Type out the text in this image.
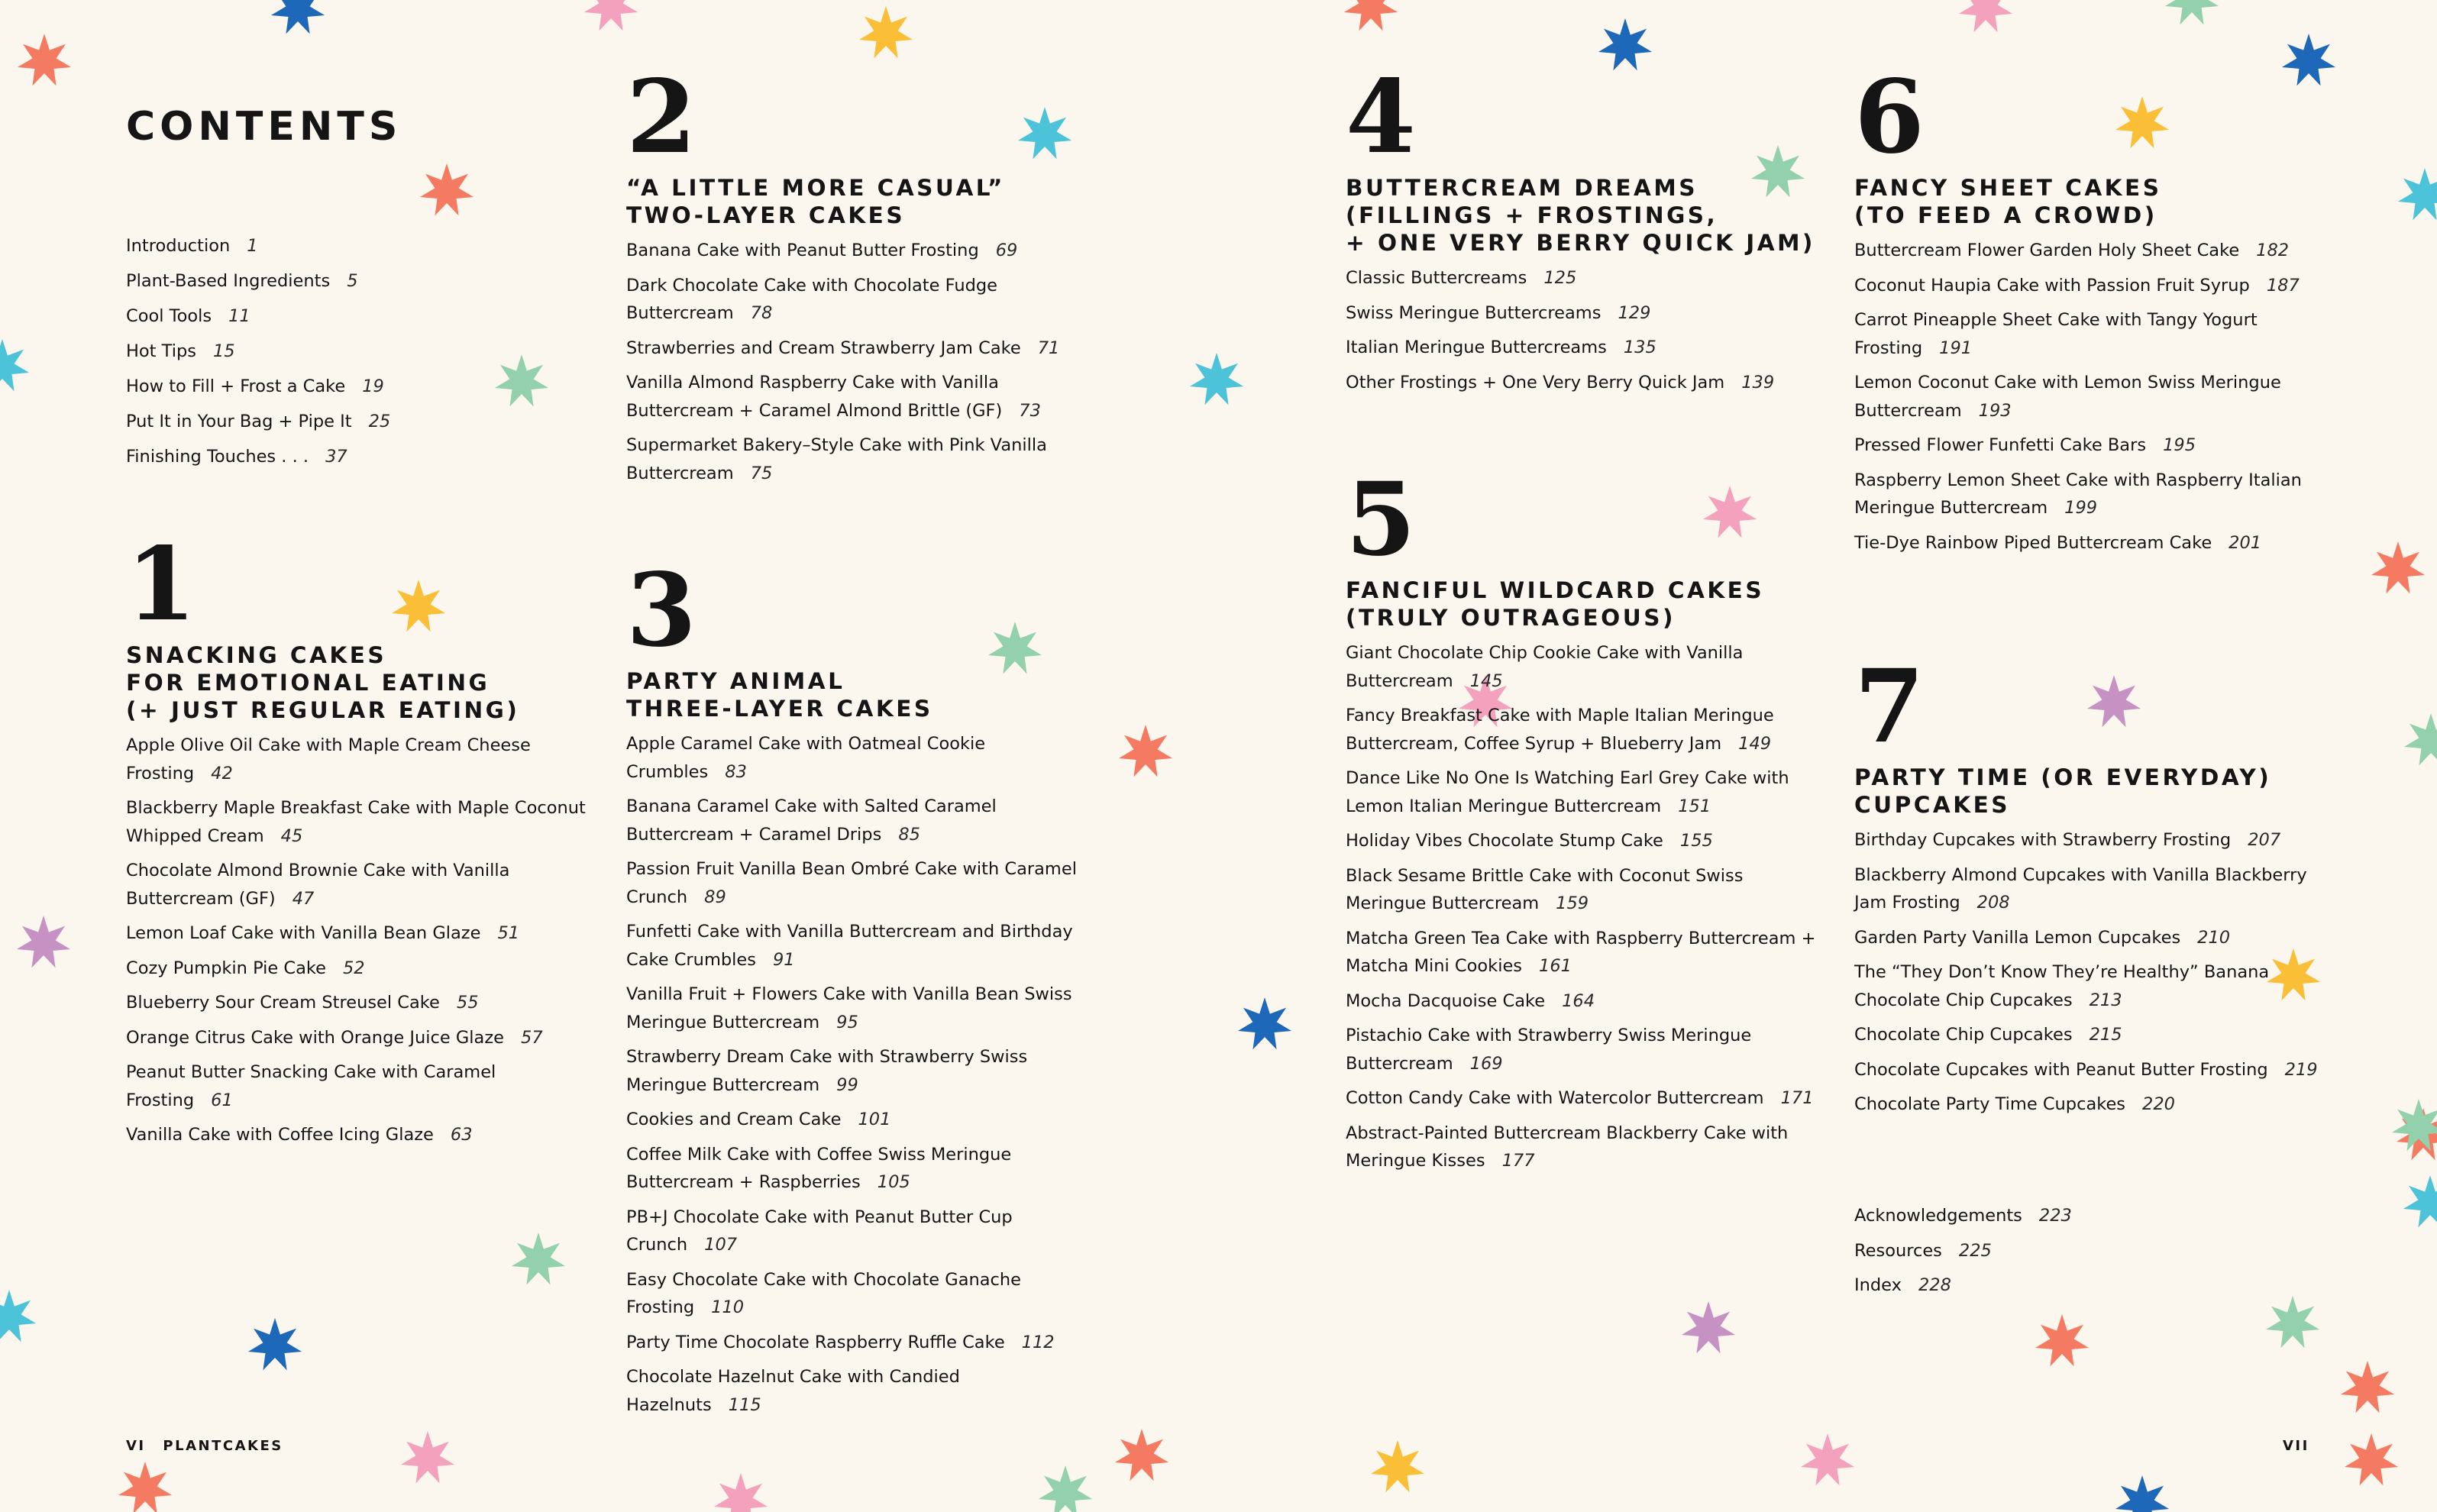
CONTENTS
Introduction 1
Plant-Based Ingredients 5
Cool Tools 11
Hot Tips 15
How to Fill + Frost a Cake 19
Put It in Your Bag + Pipe It 25
Finishing Touches . . . 37
1
SNACKING CAKES
FOR EMOTIONAL EATING
(+ JUST REGULAR EATING)
Apple Olive Oil Cake with Maple Cream Cheese Frosting 42
Blackberry Maple Breakfast Cake with Maple Coconut Whipped Cream 45
Chocolate Almond Brownie Cake with Vanilla Buttercream (GF) 47
Lemon Loaf Cake with Vanilla Bean Glaze 51
Cozy Pumpkin Pie Cake 52
Blueberry Sour Cream Streusel Cake 55
Orange Citrus Cake with Orange Juice Glaze 57
Peanut Butter Snacking Cake with Caramel Frosting 61
Vanilla Cake with Coffee Icing Glaze 63
2
“A LITTLE MORE CASUAL”
TWO-LAYER CAKES
Banana Cake with Peanut Butter Frosting 69
Dark Chocolate Cake with Chocolate Fudge Buttercream 78
Strawberries and Cream Strawberry Jam Cake 71
Vanilla Almond Raspberry Cake with Vanilla Buttercream + Caramel Almond Brittle (GF) 73
Supermarket Bakery–Style Cake with Pink Vanilla Buttercream 75
3
PARTY ANIMAL
THREE-LAYER CAKES
Apple Caramel Cake with Oatmeal Cookie Crumbles 83
Banana Caramel Cake with Salted Caramel Buttercream + Caramel Drips 85
Passion Fruit Vanilla Bean Ombré Cake with Caramel Crunch 89
Funfetti Cake with Vanilla Buttercream and Birthday Cake Crumbles 91
Vanilla Fruit + Flowers Cake with Vanilla Bean Swiss Meringue Buttercream 95
Strawberry Dream Cake with Strawberry Swiss Meringue Buttercream 99
Cookies and Cream Cake 101
Coffee Milk Cake with Coffee Swiss Meringue Buttercream + Raspberries 105
PB+J Chocolate Cake with Peanut Butter Cup Crunch 107
Easy Chocolate Cake with Chocolate Ganache Frosting 110
Party Time Chocolate Raspberry Ruffle Cake 112
Chocolate Hazelnut Cake with Candied Hazelnuts 115
4
BUTTERCREAM DREAMS
(FILLINGS + FROSTINGS,
+ ONE VERY BERRY QUICK JAM)
Classic Buttercreams 125
Swiss Meringue Buttercreams 129
Italian Meringue Buttercreams 135
Other Frostings + One Very Berry Quick Jam 139
5
FANCIFUL WILDCARD CAKES
(TRULY OUTRAGEOUS)
Giant Chocolate Chip Cookie Cake with Vanilla Buttercream 145
Fancy Breakfast Cake with Maple Italian Meringue Buttercream, Coffee Syrup + Blueberry Jam 149
Dance Like No One Is Watching Earl Grey Cake with Lemon Italian Meringue Buttercream 151
Holiday Vibes Chocolate Stump Cake 155
Black Sesame Brittle Cake with Coconut Swiss Meringue Buttercream 159
Matcha Green Tea Cake with Raspberry Buttercream + Matcha Mini Cookies 161
Mocha Dacquoise Cake 164
Pistachio Cake with Strawberry Swiss Meringue Buttercream 169
Cotton Candy Cake with Watercolor Buttercream 171
Abstract-Painted Buttercream Blackberry Cake with Meringue Kisses 177
6
FANCY SHEET CAKES
(TO FEED A CROWD)
Buttercream Flower Garden Holy Sheet Cake 182
Coconut Haupia Cake with Passion Fruit Syrup 187
Carrot Pineapple Sheet Cake with Tangy Yogurt Frosting 191
Lemon Coconut Cake with Lemon Swiss Meringue Buttercream 193
Pressed Flower Funfetti Cake Bars 195
Raspberry Lemon Sheet Cake with Raspberry Italian Meringue Buttercream 199
Tie-Dye Rainbow Piped Buttercream Cake 201
7
PARTY TIME (OR EVERYDAY)
CUPCAKES
Birthday Cupcakes with Strawberry Frosting 207
Blackberry Almond Cupcakes with Vanilla Blackberry Jam Frosting 208
Garden Party Vanilla Lemon Cupcakes 210
The “They Don’t Know They’re Healthy” Banana Chocolate Chip Cupcakes 213
Chocolate Chip Cupcakes 215
Chocolate Cupcakes with Peanut Butter Frosting 219
Chocolate Party Time Cupcakes 220
Acknowledgements 223
Resources 225
Index 228
VI PLANTCAKES	VII
